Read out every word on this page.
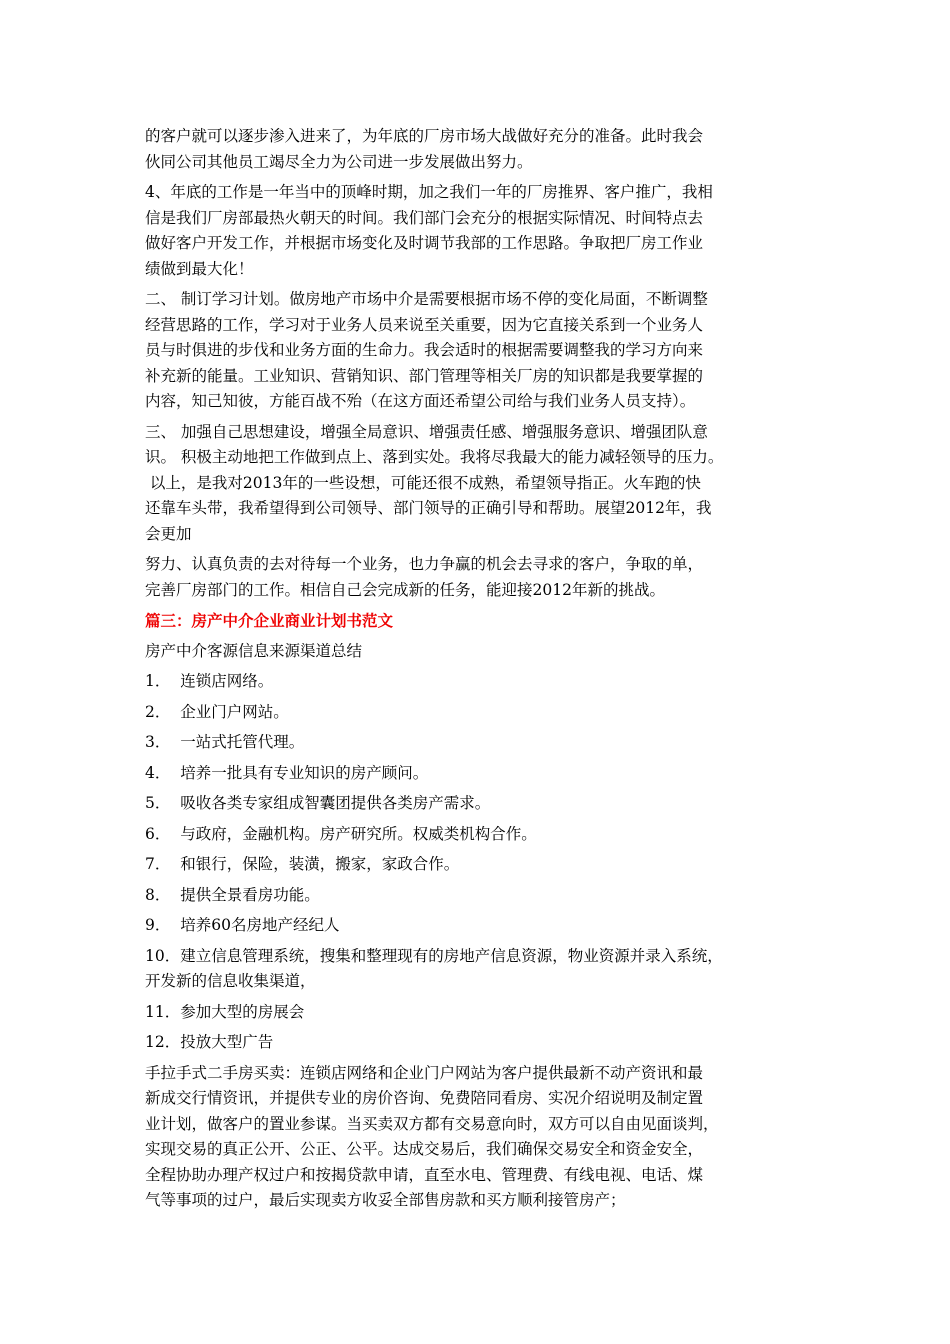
的客户就可以逐步渗入进来了，为年底的厂房市场大战做好充分的准备。此时我会
伙同公司其他员工竭尽全力为公司进一步发展做出努力。
4、年底的工作是一年当中的顶峰时期，加之我们一年的厂房推界、客户推广，我相
信是我们厂房部最热火朝天的时间。我们部门会充分的根据实际情况、时间特点去
做好客户开发工作，并根据市场变化及时调节我部的工作思路。争取把厂房工作业
绩做到最大化！
二、 制订学习计划。做房地产市场中介是需要根据市场不停的变化局面，不断调整
经营思路的工作，学习对于业务人员来说至关重要，因为它直接关系到一个业务人
员与时俱进的步伐和业务方面的生命力。我会适时的根据需要调整我的学习方向来
补充新的能量。工业知识、营销知识、部门管理等相关厂房的知识都是我要掌握的
内容，知己知彼，方能百战不殆（在这方面还希望公司给与我们业务人员支持）。
三、 加强自己思想建设，增强全局意识、增强责任感、增强服务意识、增强团队意
识。 积极主动地把工作做到点上、落到实处。我将尽我最大的能力减轻领导的压力。
以上，是我对2013年的一些设想，可能还很不成熟，希望领导指正。火车跑的快
还靠车头带，我希望得到公司领导、部门领导的正确引导和帮助。展望2012年，我
会更加
努力、认真负责的去对待每一个业务，也力争赢的机会去寻求的客户，争取的单，
完善厂房部门的工作。相信自己会完成新的任务，能迎接2012年新的挑战。
篇三：房产中介企业商业计划书范文
房产中介客源信息来源渠道总结
1．  连锁店网络。
2．  企业门户网站。
3．  一站式托管代理。
4．  培养一批具有专业知识的房产顾问。
5．  吸收各类专家组成智囊团提供各类房产需求。
6．  与政府，金融机构。房产研究所。权威类机构合作。
7．  和银行，保险，装潢，搬家，家政合作。
8．  提供全景看房功能。
9．  培养60名房地产经纪人
10．建立信息管理系统，搜集和整理现有的房地产信息资源，物业资源并录入系统，
开发新的信息收集渠道，
11．参加大型的房展会
12．投放大型广告
手拉手式二手房买卖：连锁店网络和企业门户网站为客户提供最新不动产资讯和最
新成交行情资讯，并提供专业的房价咨询、免费陪同看房、实况介绍说明及制定置
业计划，做客户的置业参谋。当买卖双方都有交易意向时，双方可以自由见面谈判，
实现交易的真正公开、公正、公平。达成交易后，我们确保交易安全和资金安全，
全程协助办理产权过户和按揭贷款申请，直至水电、管理费、有线电视、电话、煤
气等事项的过户，最后实现卖方收妥全部售房款和买方顺利接管房产；
